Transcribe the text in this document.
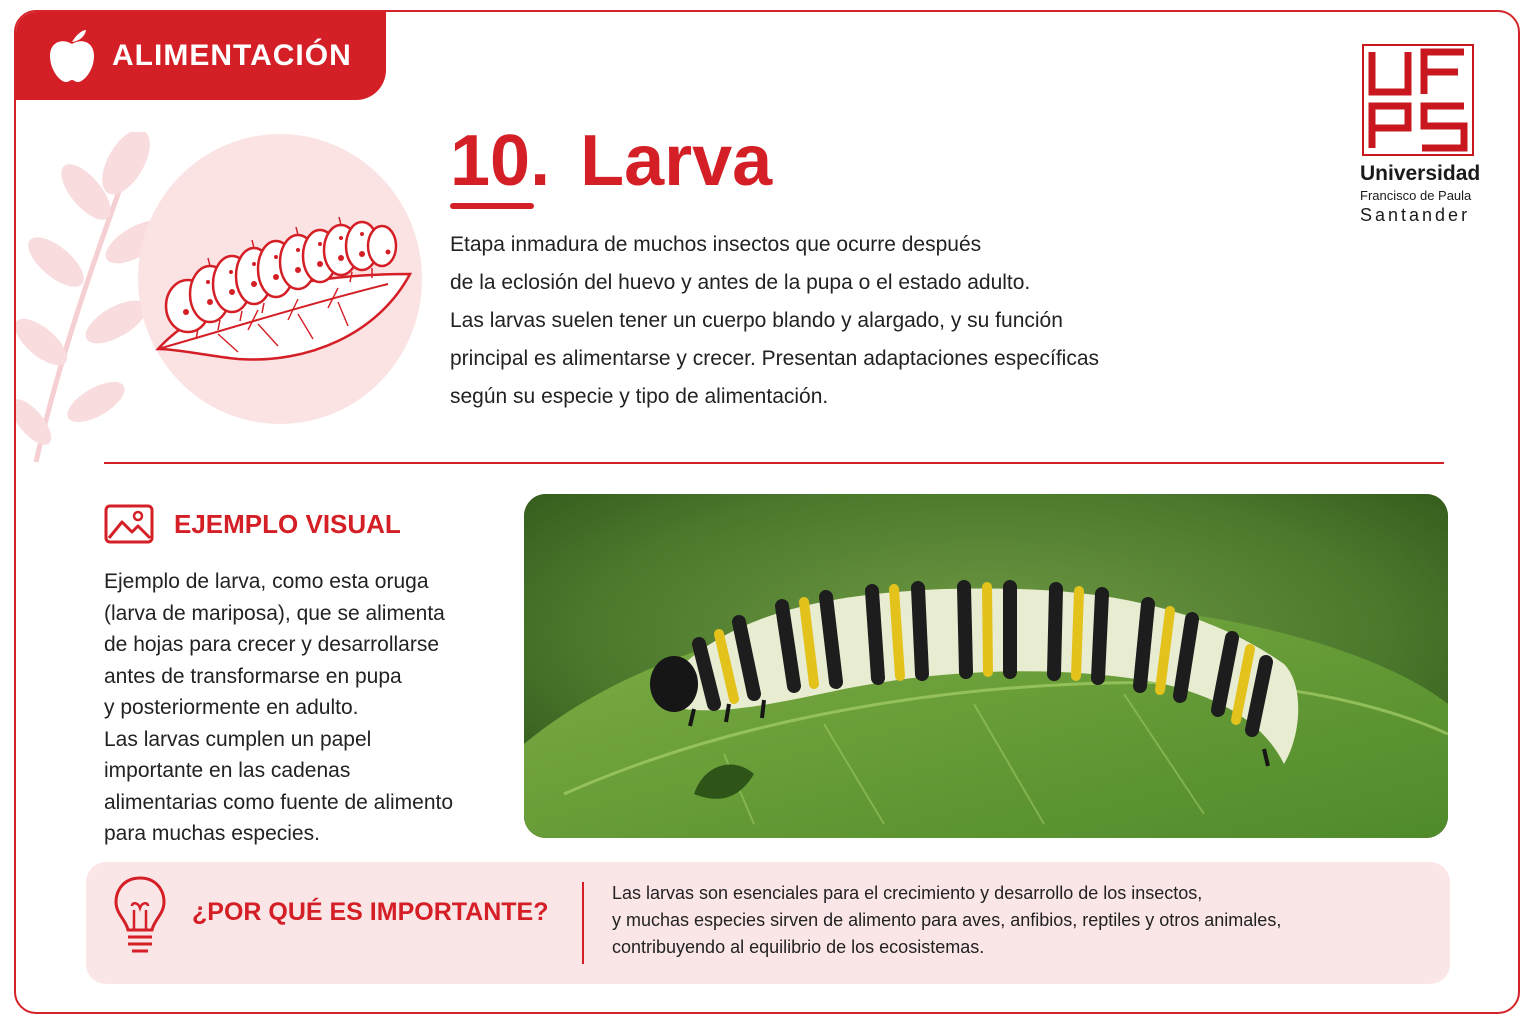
ALIMENTACIÓN
10. Larva

Etapa inmadura de muchos insectos que ocurre después

de la eclosión del huevo y antes de la pupa o el estado adulto.

Las larvas suelen tener un cuerpo blando y alargado, y su función

principal es alimentarse y crecer. Presentan adaptaciones específicas

según su especie y tipo de alimentación.

Universidad
Francisco de Paula
Santander
EJEMPLO VISUAL

Ejemplo de larva, como esta oruga

(larva de mariposa), que se alimenta

de hojas para crecer y desarrollarse

antes de transformarse en pupa

y posteriormente en adulto.

Las larvas cumplen un papel

importante en las cadenas

alimentarias como fuente de alimento

para muchas especies.

¿POR QUÉ ES IMPORTANTE?

Las larvas son esenciales para el crecimiento y desarrollo de los insectos,

y muchas especies sirven de alimento para aves, anfibios, reptiles y otros animales,

contribuyendo al equilibrio de los ecosistemas.
